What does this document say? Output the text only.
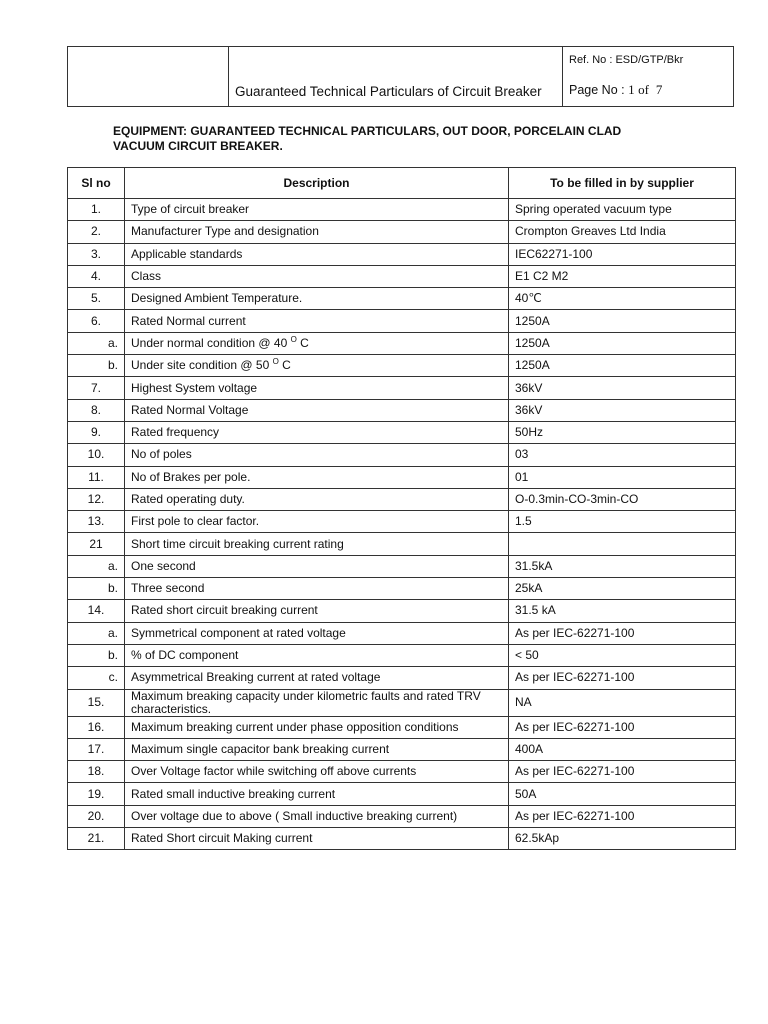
Guaranteed Technical Particulars of Circuit Breaker
Ref. No : ESD/GTP/Bkr
Page No : 1 of 7
EQUIPMENT: GUARANTEED TECHNICAL PARTICULARS, OUT DOOR, PORCELAIN CLAD
VACUUM CIRCUIT BREAKER.
Sl no	Description	To be filled in by supplier
1.	Type of circuit breaker	Spring operated vacuum type
2.	Manufacturer Type and designation	Crompton Greaves Ltd India
3.	Applicable standards	IEC62271-100
4.	Class	E1 C2 M2
5.	Designed Ambient Temperature.	40℃
6.	Rated Normal current	1250A
a.	Under normal condition @ 40 $^O$ C	1250A
b.	Under site condition @ 50 $^O$ C	1250A
7.	Highest System voltage	36kV
8.	Rated Normal Voltage	36kV
9.	Rated frequency	50Hz
10.	No of poles	03
11.	No of Brakes per pole.	01
12.	Rated operating duty.	O-0.3min-CO-3min-CO
13.	First pole to clear factor.	1.5
21	Short time circuit breaking current rating	
a.	One second	31.5kA
b.	Three second	25kA
14.	Rated short circuit breaking current	31.5 kA
a.	Symmetrical component at rated voltage	As per IEC-62271-100
b.	% of DC component	< 50
c.	Asymmetrical Breaking current at rated voltage	As per IEC-62271-100
15.	Maximum breaking capacity under kilometric faults and rated TRV characteristics.	NA
16.	Maximum breaking current under phase opposition conditions	As per IEC-62271-100
17.	Maximum single capacitor bank breaking current	400A
18.	Over Voltage factor while switching off above currents	As per IEC-62271-100
19.	Rated small inductive breaking current	50A
20.	Over voltage due to above ( Small inductive breaking current)	As per IEC-62271-100
21.	Rated Short circuit Making current	62.5kAp
